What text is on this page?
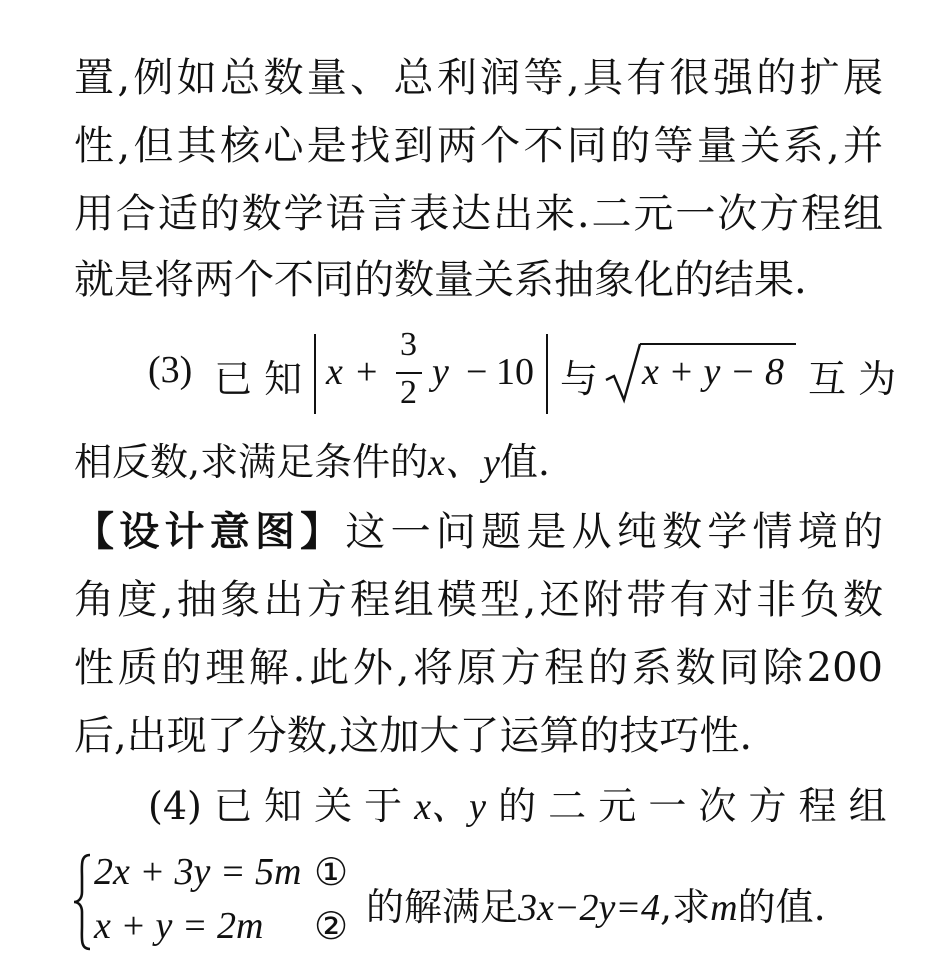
置,例如总数量、总利润等,具有很强的扩展
性,但其核心是找到两个不同的等量关系,并
用合适的数学语言表达出来.二元一次方程组
就是将两个不同的数量关系抽象化的结果.
(3) 已 知 x +
3
2 y − 10 与 x + y − 8 互 为
相反数,求满足条件的x、y值.
【设计意图】这一问题是从纯数学情境的
角度,抽象出方程组模型,还附带有对非负数
性质的理解.此外,将原方程的系数同除200
后,出现了分数,这加大了运算的技巧性.
(4) 已 知 关 于 x、y 的 二 元 一 次 方 程 组
2x + 3y = 5m ①
x + y = 2m ② 的解满足3x−2y=4,求m的值.
